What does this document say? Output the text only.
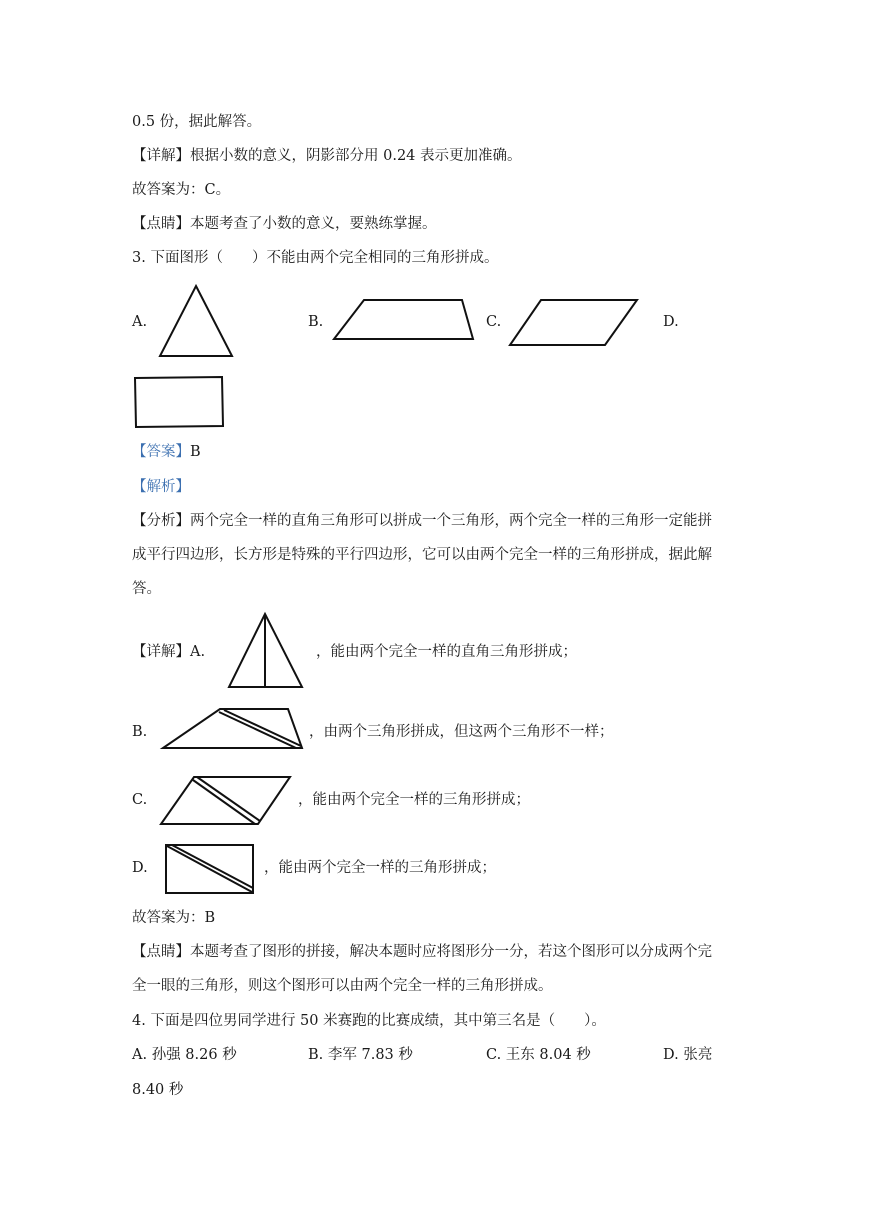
0.5 份，据此解答。
【详解】根据小数的意义，阴影部分用 0.24 表示更加准确。
故答案为：C。
【点睛】本题考查了小数的意义，要熟练掌握。
3. 下面图形（　　）不能由两个完全相同的三角形拼成。
A.	B.	C.	D.
【答案】B
【解析】
【分析】两个完全一样的直角三角形可以拼成一个三角形，两个完全一样的三角形一定能拼
成平行四边形，长方形是特殊的平行四边形，它可以由两个完全一样的三角形拼成，据此解
答。
【详解】A.	，能由两个完全一样的直角三角形拼成；
B.	，由两个三角形拼成，但这两个三角形不一样；
C.	，能由两个完全一样的三角形拼成；
D.	，能由两个完全一样的三角形拼成；
故答案为：B
【点睛】本题考查了图形的拼接，解决本题时应将图形分一分，若这个图形可以分成两个完
全一眼的三角形，则这个图形可以由两个完全一样的三角形拼成。
4. 下面是四位男同学进行 50 米赛跑的比赛成绩，其中第三名是（　　）。
A. 孙强 8.26 秒	B. 李军 7.83 秒	C. 王东 8.04 秒	D. 张亮
8.40 秒
